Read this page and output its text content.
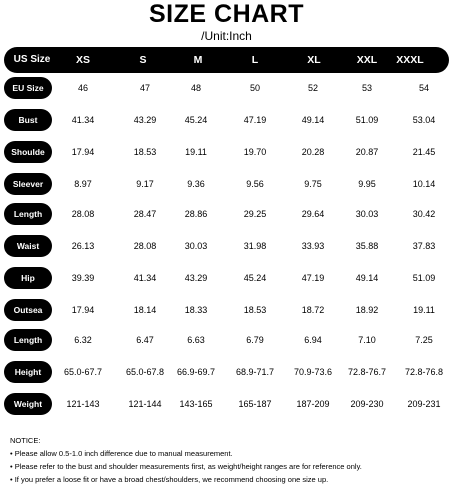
SIZE CHART
/Unit:Inch
US Size	XS	S	M	L	XL	XXL	XXXL
EU Size	46	47	48	50	52	53	54
Bust	41.34	43.29	45.24	47.19	49.14	51.09	53.04
Shoulde	17.94	18.53	19.11	19.70	20.28	20.87	21.45
Sleever	8.97	9.17	9.36	9.56	9.75	9.95	10.14
Length	28.08	28.47	28.86	29.25	29.64	30.03	30.42
Waist	26.13	28.08	30.03	31.98	33.93	35.88	37.83
Hip	39.39	41.34	43.29	45.24	47.19	49.14	51.09
Outsea	17.94	18.14	18.33	18.53	18.72	18.92	19.11
Length	6.32	6.47	6.63	6.79	6.94	7.10	7.25
Height	65.0-67.7	65.0-67.8	66.9-69.7	68.9-71.7	70.9-73.6	72.8-76.7	72.8-76.8
Weight	121-143	121-144	143-165	165-187	187-209	209-230	209-231
NOTICE:
• Please allow 0.5-1.0 inch difference due to manual measurement.
• Please refer to the bust and shoulder measurements first, as weight/height ranges are for reference only.
• If you prefer a loose fit or have a broad chest/shoulders, we recommend choosing one size up.
